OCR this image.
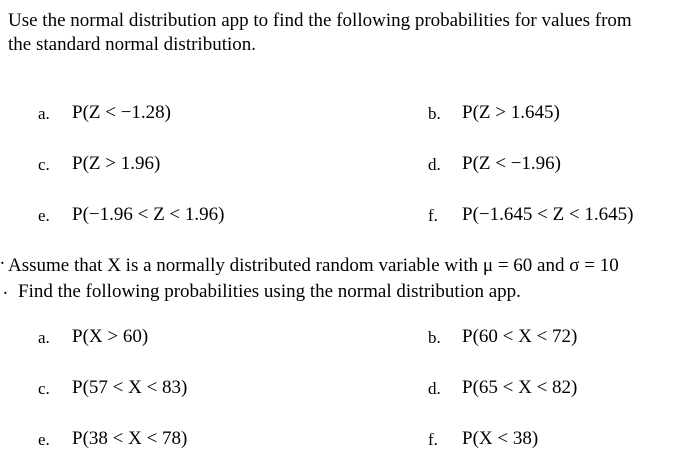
Use the normal distribution app to find the following probabilities for values from
the standard normal distribution.
a. P(Z < −1.28)	b. P(Z > 1.645)
c. P(Z > 1.96)	d. P(Z < −1.96)
e. P(−1.96 < Z < 1.96)	f. P(−1.645 < Z < 1.645)
. Assume that X is a normally distributed random variable with μ = 60 and σ = 10
. Find the following probabilities using the normal distribution app.
a. P(X > 60)	b. P(60 < X < 72)
c. P(57 < X < 83)	d. P(65 < X < 82)
e. P(38 < X < 78)	f. P(X < 38)
